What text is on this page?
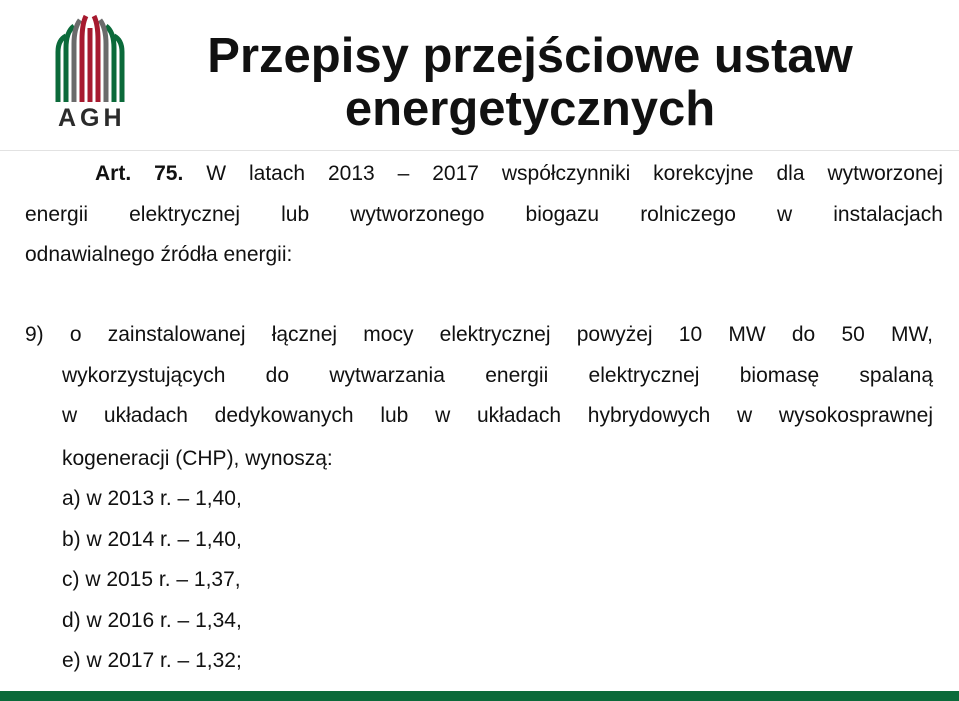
AGH
Przepisy przejściowe ustaw
energetycznych
Art. 75. W latach 2013 – 2017 współczynniki korekcyjne dla wytworzonej
energii elektrycznej lub wytworzonego biogazu rolniczego w instalacjach
odnawialnego źródła energii:
9) o zainstalowanej łącznej mocy elektrycznej powyżej 10 MW do 50 MW,
wykorzystujących do wytwarzania energii elektrycznej biomasę spalaną
w układach dedykowanych lub w układach hybrydowych w wysokosprawnej
kogeneracji (CHP), wynoszą:
a) w 2013 r. – 1,40,
b) w 2014 r. – 1,40,
c) w 2015 r. – 1,37,
d) w 2016 r. – 1,34,
e) w 2017 r. – 1,32;
